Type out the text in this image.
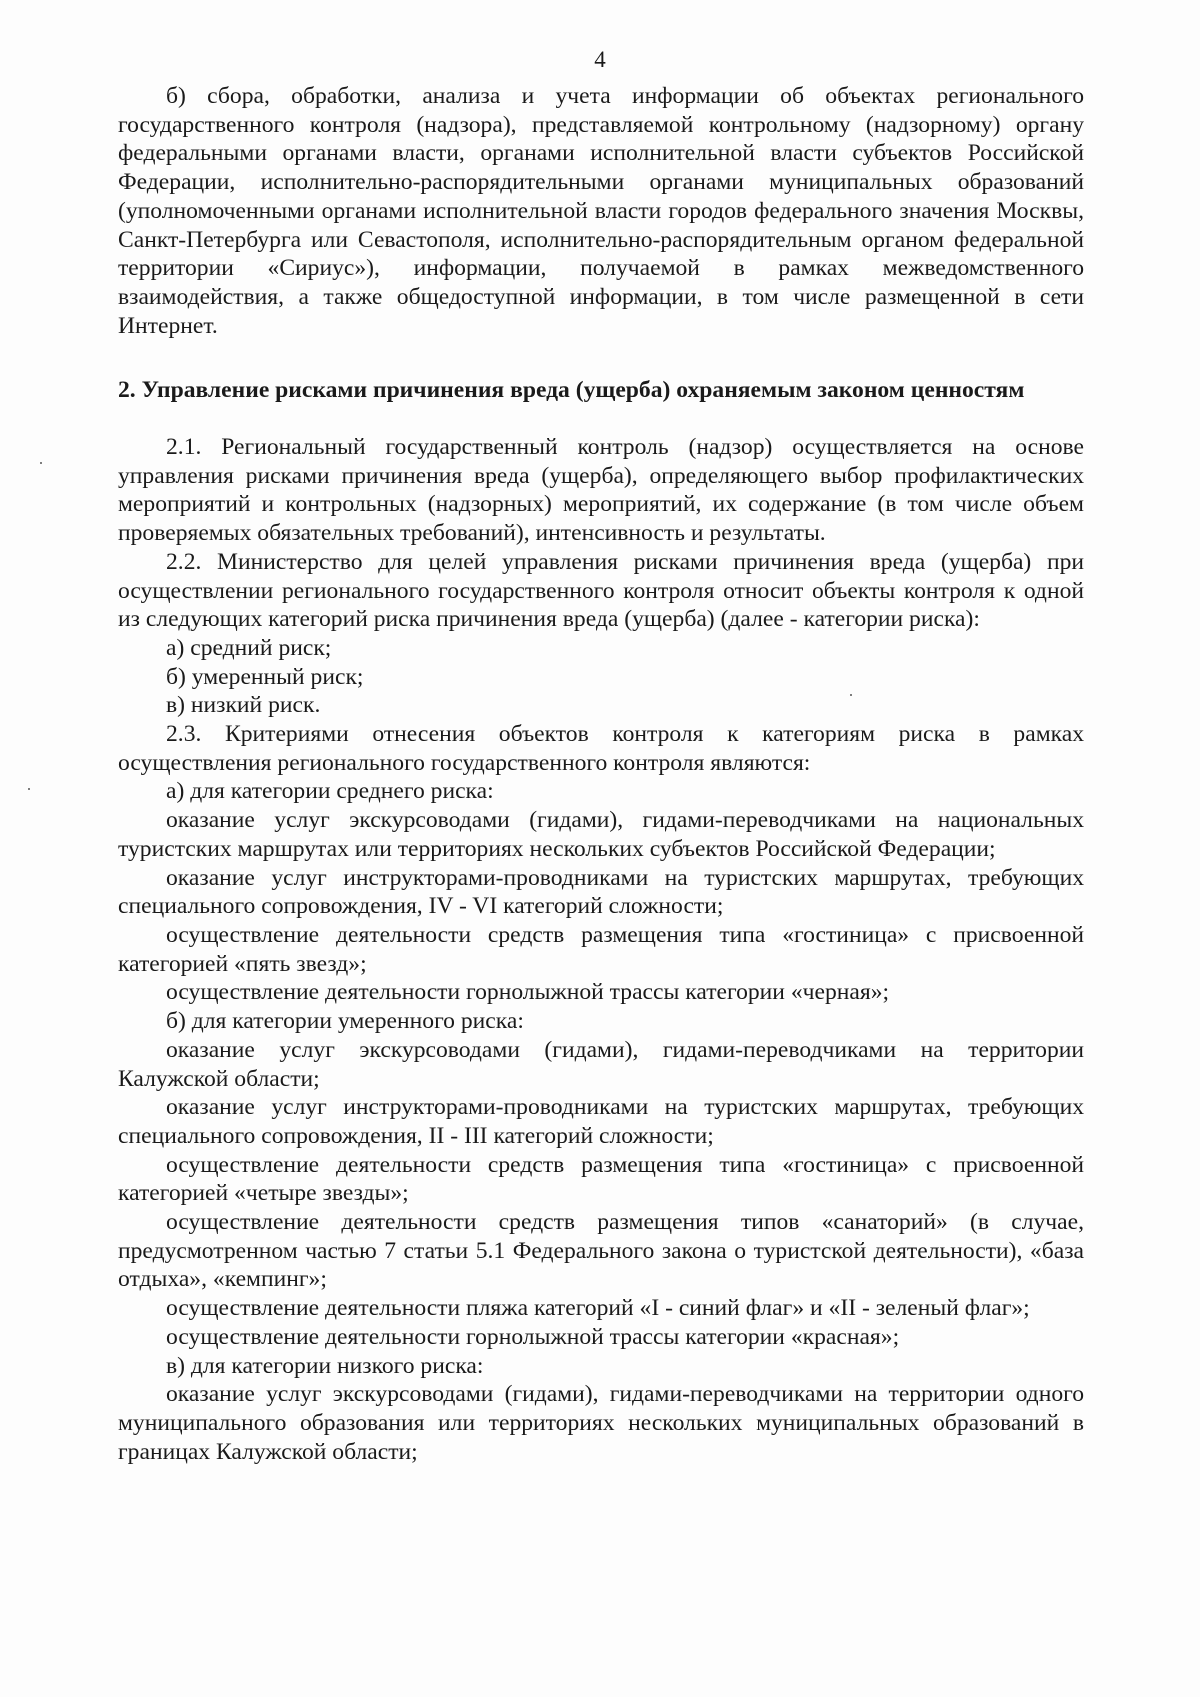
4

б) сбора, обработки, анализа и учета информации об объектах регионального государственного контроля (надзора), представляемой контрольному (надзорному) органу федеральными органами власти, органами исполнительной власти субъектов Российской Федерации, исполнительно-распорядительными органами муниципальных образований (уполномоченными органами исполнительной власти городов федерального значения Москвы, Санкт-Петербурга или Севастополя, исполнительно-распорядительным органом федеральной территории «Сириус»), информации, получаемой в рамках межведомственного взаимодействия, а также общедоступной информации, в том числе размещенной в сети Интернет.

2. Управление рисками причинения вреда (ущерба) охраняемым законом ценностям

2.1. Региональный государственный контроль (надзор) осуществляется на основе управления рисками причинения вреда (ущерба), определяющего выбор профилактических мероприятий и контрольных (надзорных) мероприятий, их содержание (в том числе объем проверяемых обязательных требований), интенсивность и результаты.

2.2. Министерство для целей управления рисками причинения вреда (ущерба) при осуществлении регионального государственного контроля относит объекты контроля к одной из следующих категорий риска причинения вреда (ущерба) (далее - категории риска):

а) средний риск;

б) умеренный риск;

в) низкий риск.

2.3. Критериями отнесения объектов контроля к категориям риска в рамках осуществления регионального государственного контроля являются:

а) для категории среднего риска:

оказание услуг экскурсоводами (гидами), гидами-переводчиками на национальных туристских маршрутах или территориях нескольких субъектов Российской Федерации;

оказание услуг инструкторами-проводниками на туристских маршрутах, требующих специального сопровождения, IV - VI категорий сложности;

осуществление деятельности средств размещения типа «гостиница» с присвоенной категорией «пять звезд»;

осуществление деятельности горнолыжной трассы категории «черная»;

б) для категории умеренного риска:

оказание услуг экскурсоводами (гидами), гидами-переводчиками на территории Калужской области;

оказание услуг инструкторами-проводниками на туристских маршрутах, требующих специального сопровождения, II - III категорий сложности;

осуществление деятельности средств размещения типа «гостиница» с присвоенной категорией «четыре звезды»;

осуществление деятельности средств размещения типов «санаторий» (в случае, предусмотренном частью 7 статьи 5.1 Федерального закона о туристской деятельности), «база отдыха», «кемпинг»;

осуществление деятельности пляжа категорий «I - синий флаг» и «II - зеленый флаг»;

осуществление деятельности горнолыжной трассы категории «красная»;

в) для категории низкого риска:

оказание услуг экскурсоводами (гидами), гидами-переводчиками на территории одного муниципального образования или территориях нескольких муниципальных образований в границах Калужской области;
